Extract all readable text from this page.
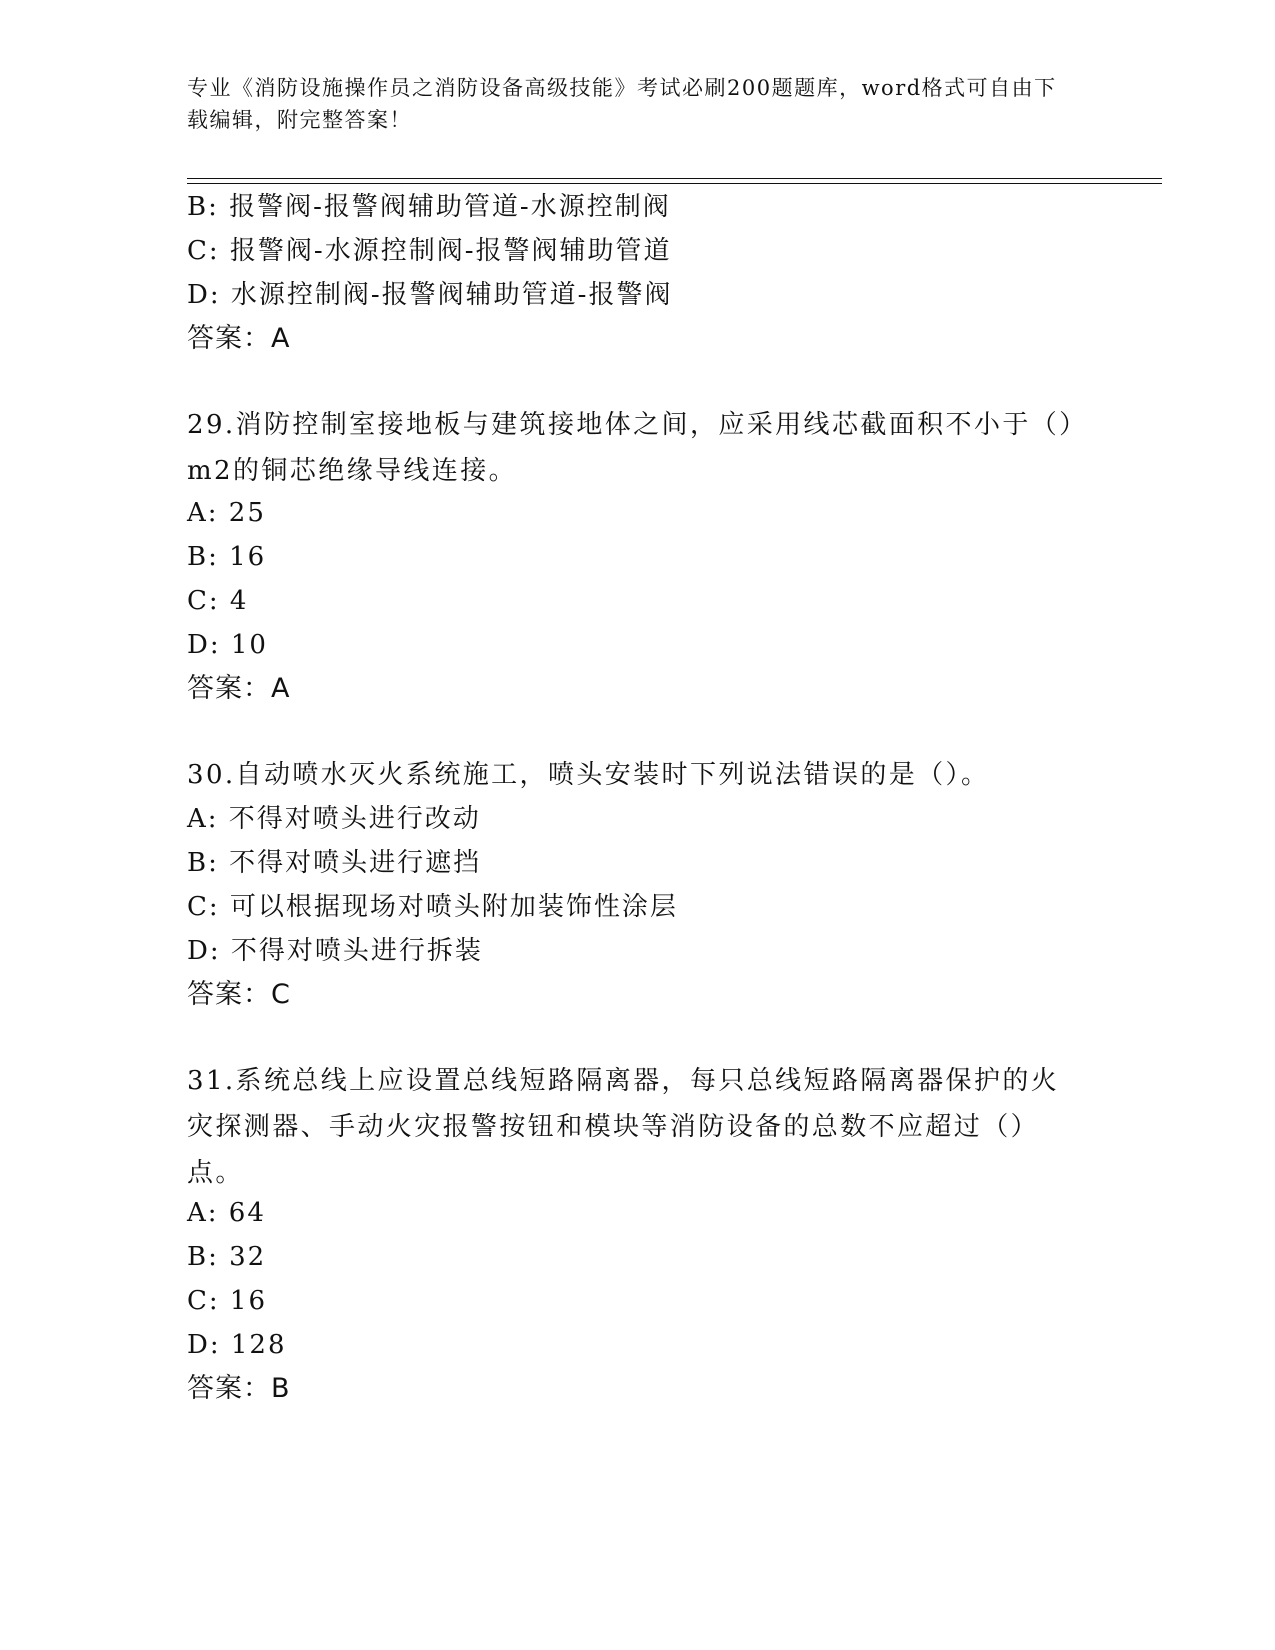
专业《消防设施操作员之消防设备高级技能》考试必刷200题题库，word格式可自由下载编辑，附完整答案！
B: 报警阀-报警阀辅助管道-水源控制阀
C: 报警阀-水源控制阀-报警阀辅助管道
D: 水源控制阀-报警阀辅助管道-报警阀
答案：A
29.消防控制室接地板与建筑接地体之间，应采用线芯截面积不小于（）m2的铜芯绝缘导线连接。
A: 25
B: 16
C: 4
D: 10
答案：A
30.自动喷水灭火系统施工，喷头安装时下列说法错误的是（）。
A: 不得对喷头进行改动
B: 不得对喷头进行遮挡
C: 可以根据现场对喷头附加装饰性涂层
D: 不得对喷头进行拆装
答案：C
31.系统总线上应设置总线短路隔离器，每只总线短路隔离器保护的火灾探测器、手动火灾报警按钮和模块等消防设备的总数不应超过（）点。
A: 64
B: 32
C: 16
D: 128
答案：B
